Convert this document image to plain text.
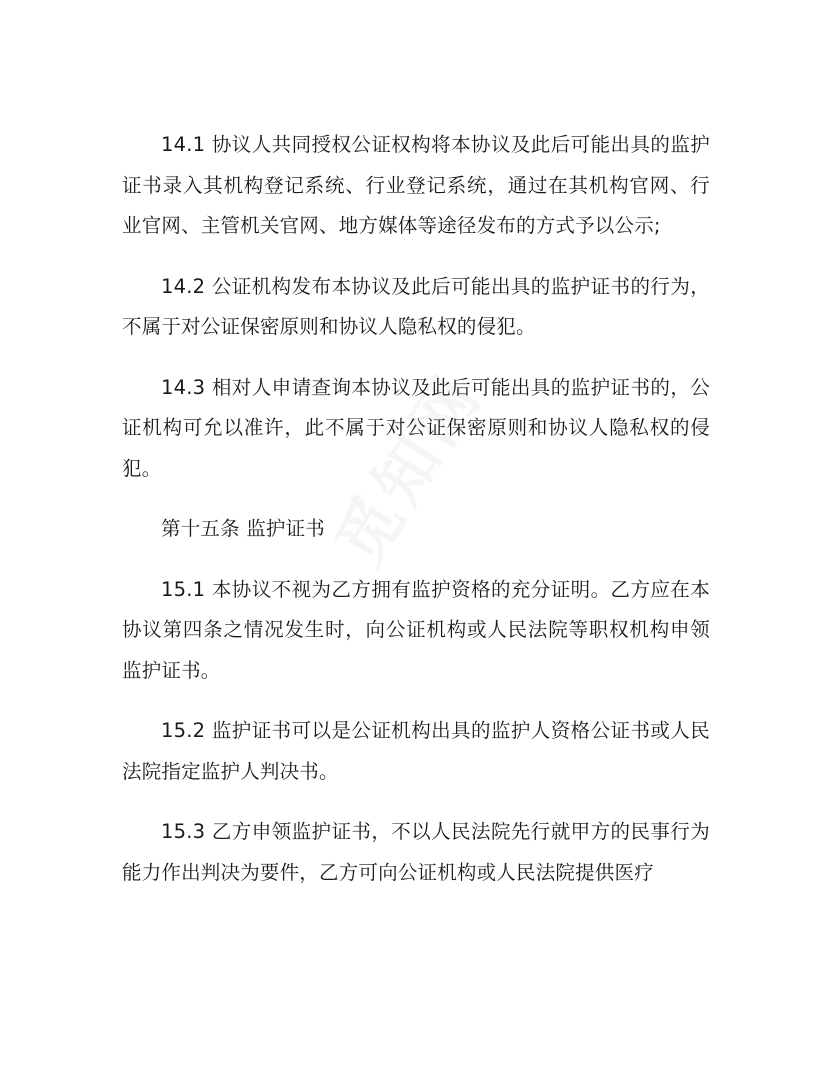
14.1 协议人共同授权公证权构将本协议及此后可能出具的监护证书录入其机构登记系统、行业登记系统，通过在其机构官网、行业官网、主管机关官网、地方媒体等途径发布的方式予以公示;

14.2 公证机构发布本协议及此后可能出具的监护证书的行为，不属于对公证保密原则和协议人隐私权的侵犯。

14.3 相对人申请查询本协议及此后可能出具的监护证书的，公证机构可允以准许，此不属于对公证保密原则和协议人隐私权的侵犯。

第十五条 监护证书

15.1 本协议不视为乙方拥有监护资格的充分证明。乙方应在本协议第四条之情况发生时，向公证机构或人民法院等职权机构申领监护证书。

15.2 监护证书可以是公证机构出具的监护人资格公证书或人民法院指定监护人判决书。

15.3 乙方申领监护证书，不以人民法院先行就甲方的民事行为能力作出判决为要件，乙方可向公证机构或人民法院提供医疗
